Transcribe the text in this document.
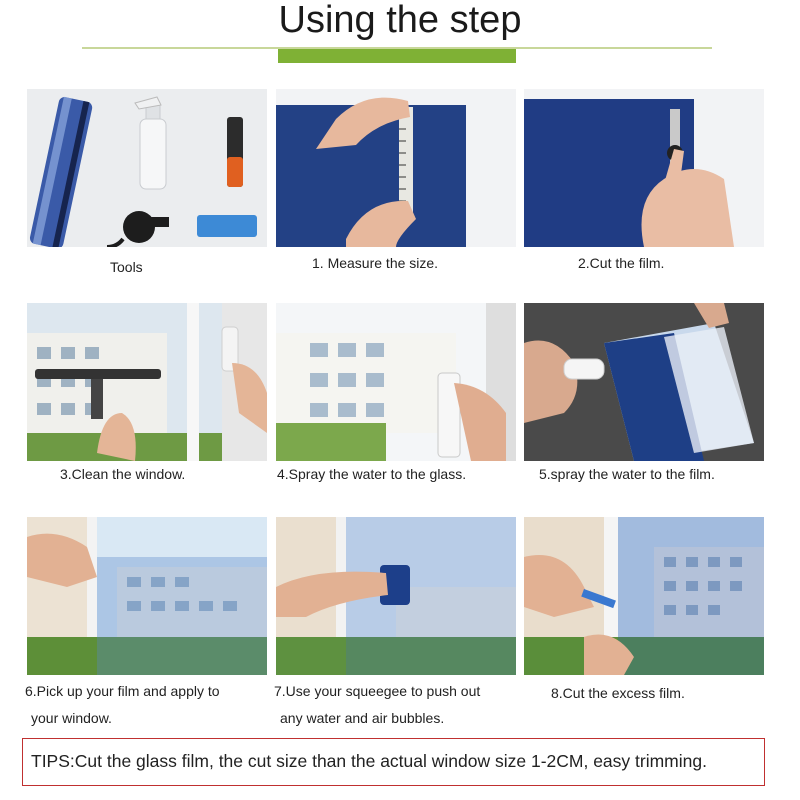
Using the step
Tools	1. Measure the size.	2.Cut the film.
3.Clean the window.	4.Spray the water to the glass.	5.spray the water to the film.
6.Pick up your film and apply to
your window.
7.Use your squeegee to push out
any water and air bubbles.
8.Cut the excess film.
TIPS:Cut the glass film, the cut size than the actual window size 1-2CM, easy trimming.
